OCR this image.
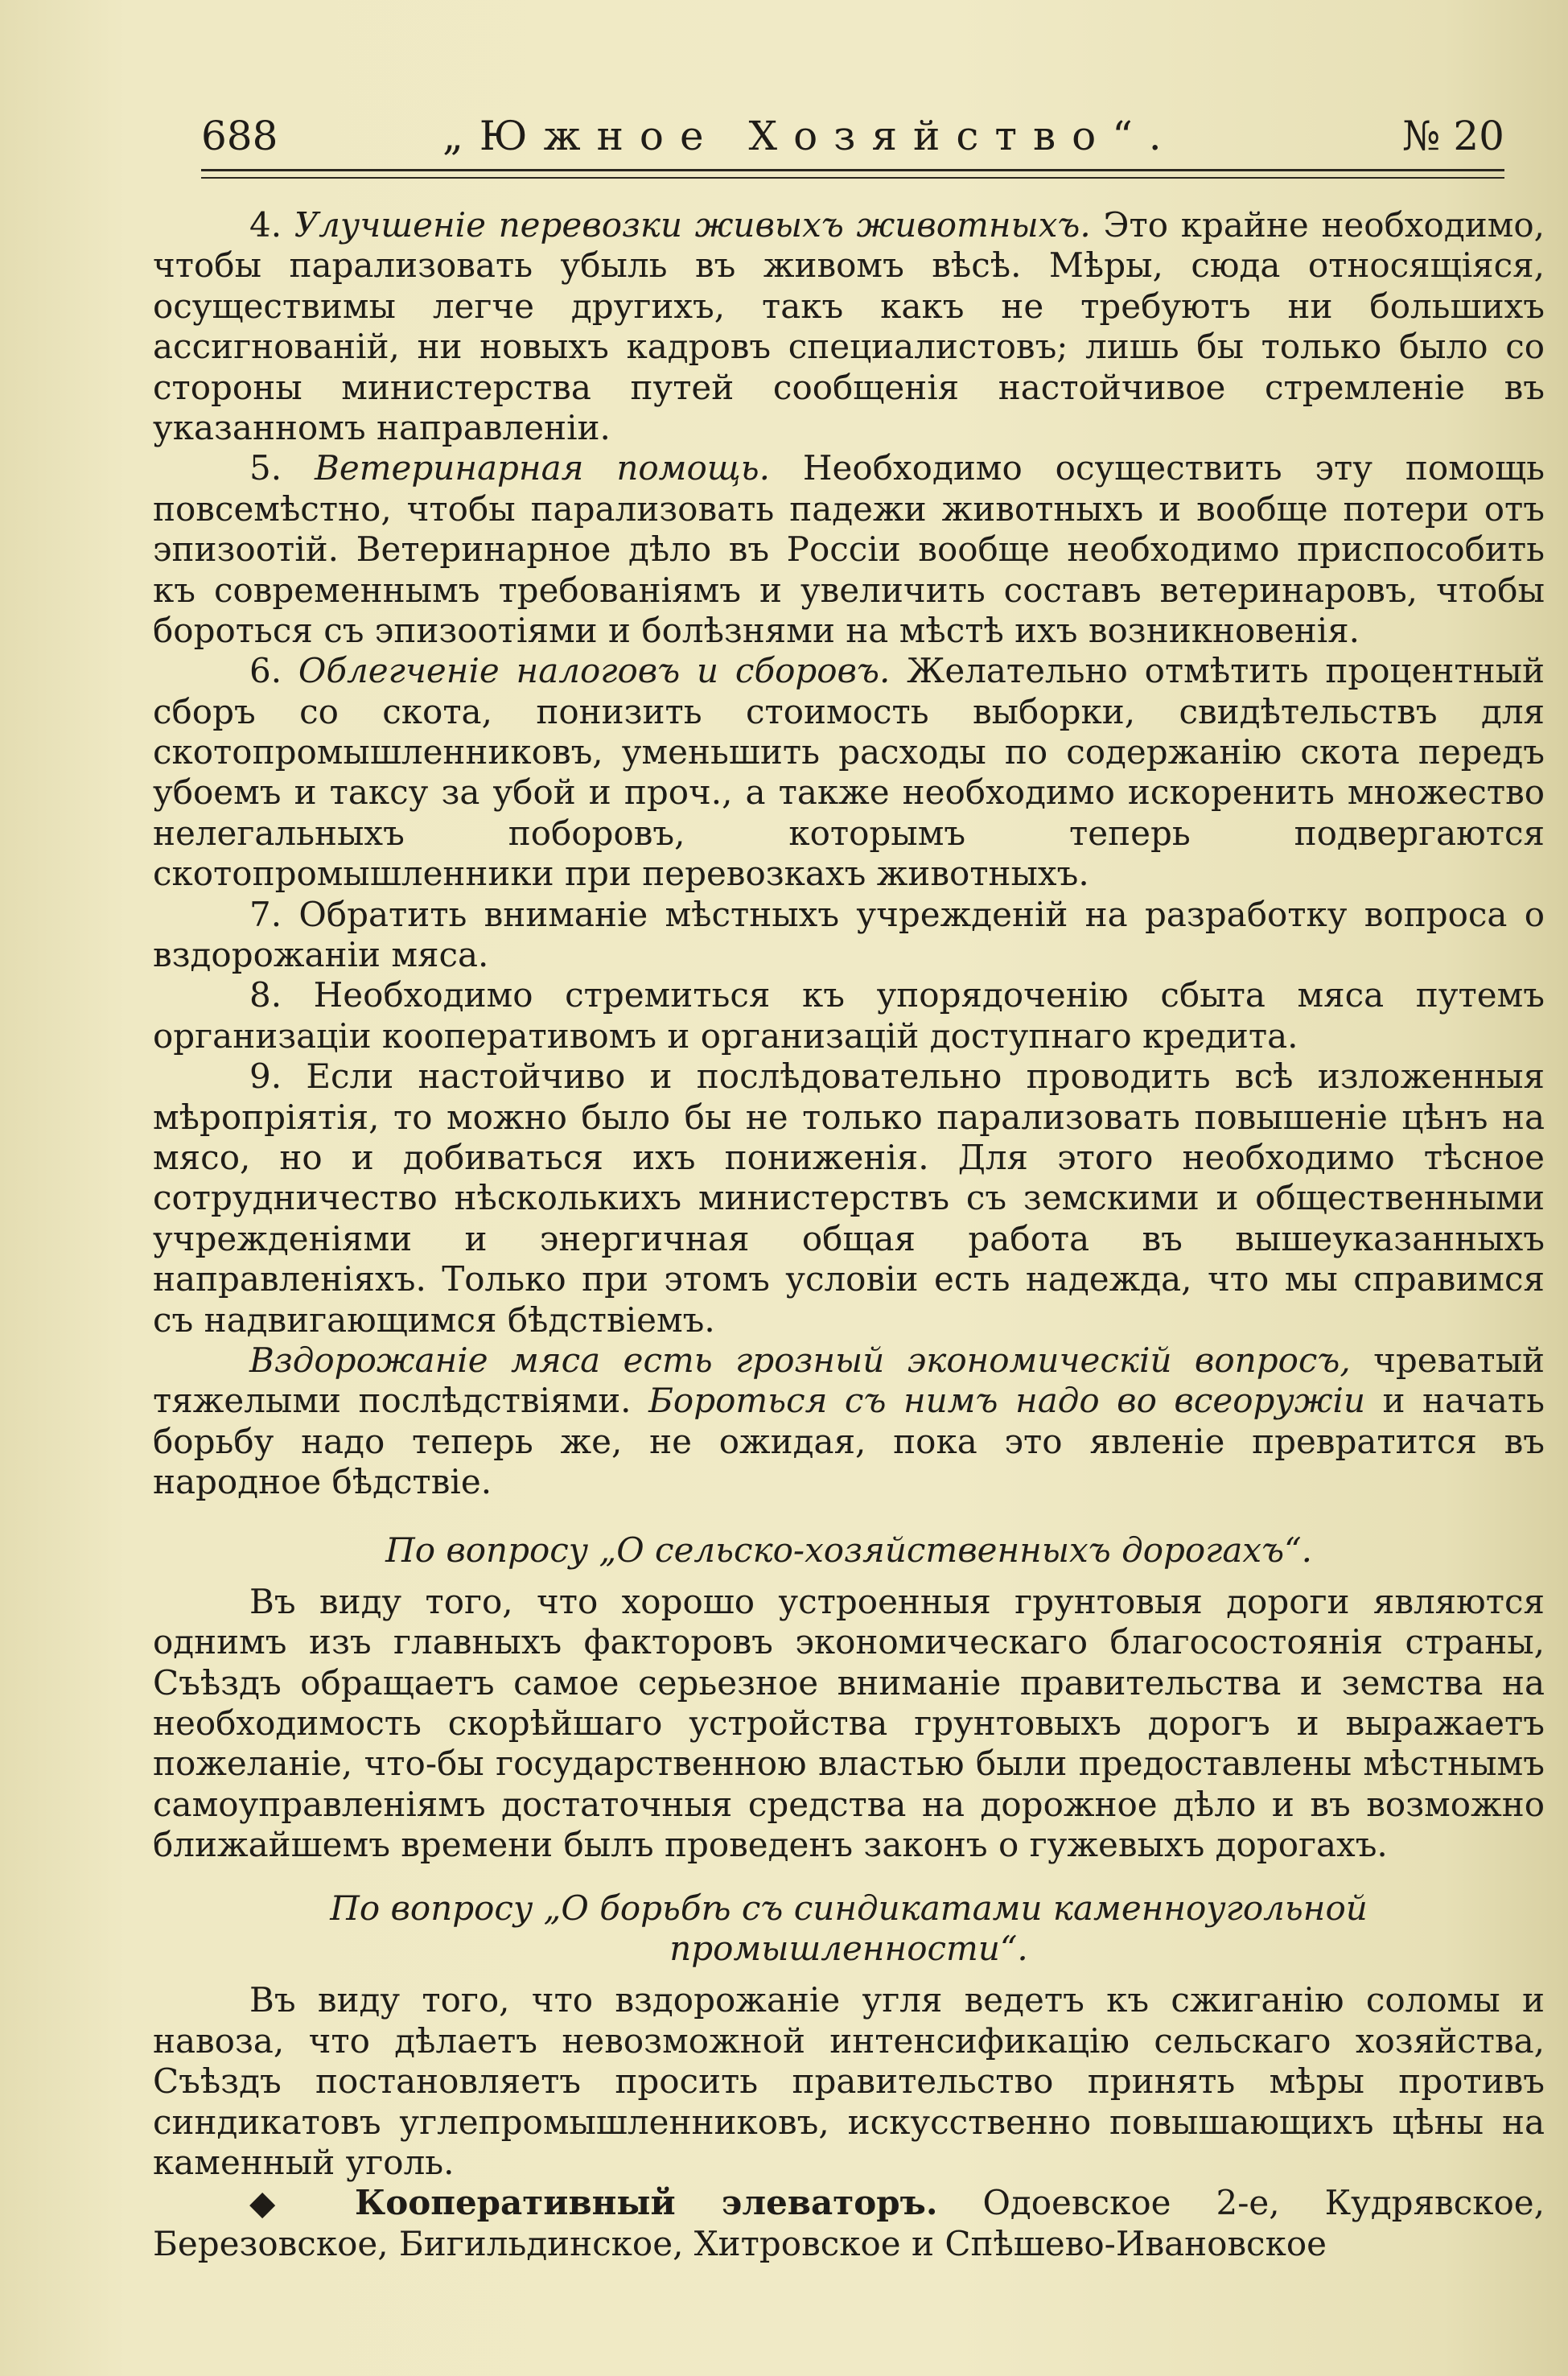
688	„Южное Хозяйство“.	№ 20

4. Улучшеніе перевозки живыхъ животныхъ. Это крайне необходимо, чтобы парализовать убыль въ живомъ вѣсѣ. Мѣры, сюда относящіяся, осуществимы легче другихъ, такъ какъ не требуютъ ни большихъ ассигнованій, ни новыхъ кадровъ специалистовъ; лишь бы только было со стороны министерства путей сообщенія настойчивое стремленіе въ указанномъ направленіи.

5. Ветеринарная помощь. Необходимо осуществить эту помощь повсемѣстно, чтобы парализовать падежи животныхъ и вообще потери отъ эпизоотій. Ветеринарное дѣло въ Россіи вообще необходимо приспособить къ современнымъ требованіямъ и увеличить составъ ветеринаровъ, чтобы бороться съ эпизоотіями и болѣзнями на мѣстѣ ихъ возникновенія.

6. Облегченіе налоговъ и сборовъ. Желательно отмѣтить процентный сборъ со скота, понизить стоимость выборки, свидѣтельствъ для скотопромышленниковъ, уменьшить расходы по содержанію скота передъ убоемъ и таксу за убой и проч., а также необходимо искоренить множество нелегальныхъ поборовъ, которымъ теперь подвергаются скотопромышленники при перевозкахъ животныхъ.

7. Обратить вниманіе мѣстныхъ учрежденій на разработку вопроса о вздорожаніи мяса.

8. Необходимо стремиться къ упорядоченію сбыта мяса путемъ организаціи кооперативомъ и организацій доступнаго кредита.

9. Если настойчиво и послѣдовательно проводить всѣ изложенныя мѣропріятія, то можно было бы не только парализовать повышеніе цѣнъ на мясо, но и добиваться ихъ пониженія. Для этого необходимо тѣсное сотрудничество нѣсколькихъ министерствъ съ земскими и общественными учрежденіями и энергичная общая работа въ вышеуказанныхъ направленіяхъ. Только при этомъ условіи есть надежда, что мы справимся съ надвигающимся бѣдствіемъ.

Вздорожаніе мяса есть грозный экономическій вопросъ, чреватый тяжелыми послѣдствіями. Бороться съ нимъ надо во всеоружіи и начать борьбу надо теперь же, не ожидая, пока это явленіе превратится въ народное бѣдствіе.

По вопросу „О сельско-хозяйственныхъ дорогахъ“.

Въ виду того, что хорошо устроенныя грунтовыя дороги являются однимъ изъ главныхъ факторовъ экономическаго благосостоянія страны, Съѣздъ обращаетъ самое серьезное вниманіе правительства и земства на необходимость скорѣйшаго устройства грунтовыхъ дорогъ и выражаетъ пожеланіе, что-бы государственною властью были предоставлены мѣстнымъ самоуправленіямъ достаточныя средства на дорожное дѣло и въ возможно ближайшемъ времени былъ проведенъ законъ о гужевыхъ дорогахъ.

По вопросу „О борьбѣ съ синдикатами каменноугольной промышленности“.

Въ виду того, что вздорожаніе угля ведетъ къ сжиганію соломы и навоза, что дѣлаетъ невозможной интенсификацію сельскаго хозяйства, Съѣздъ постановляетъ просить правительство принять мѣры противъ синдикатовъ углепромышленниковъ, искусственно повышающихъ цѣны на каменный уголь.

◆ Кооперативный элеваторъ. Одоевское 2-е, Кудрявское, Березовское, Бигильдинское, Хитровское и Спѣшево-Ивановское
